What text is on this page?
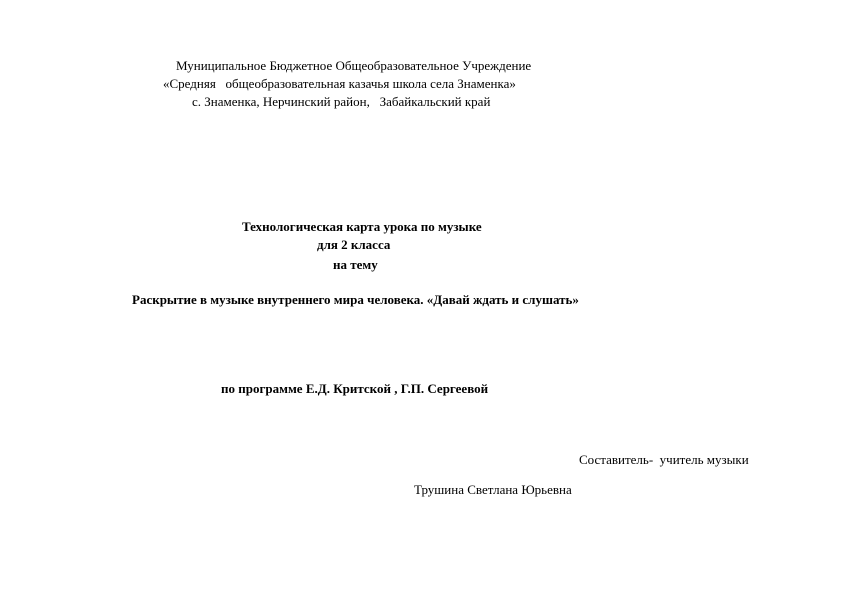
Муниципальное Бюджетное Общеобразовательное Учреждение
«Средняя   общеобразовательная казачья школа села Знаменка»
с. Знаменка, Нерчинский район,   Забайкальский край
Технологическая карта урока по музыке
для 2 класса
на тему
Раскрытие в музыке внутреннего мира человека. «Давай ждать и слушать»
по программе Е.Д. Критской , Г.П. Сергеевой
Составитель-  учитель музыки
Трушина Светлана Юрьевна
